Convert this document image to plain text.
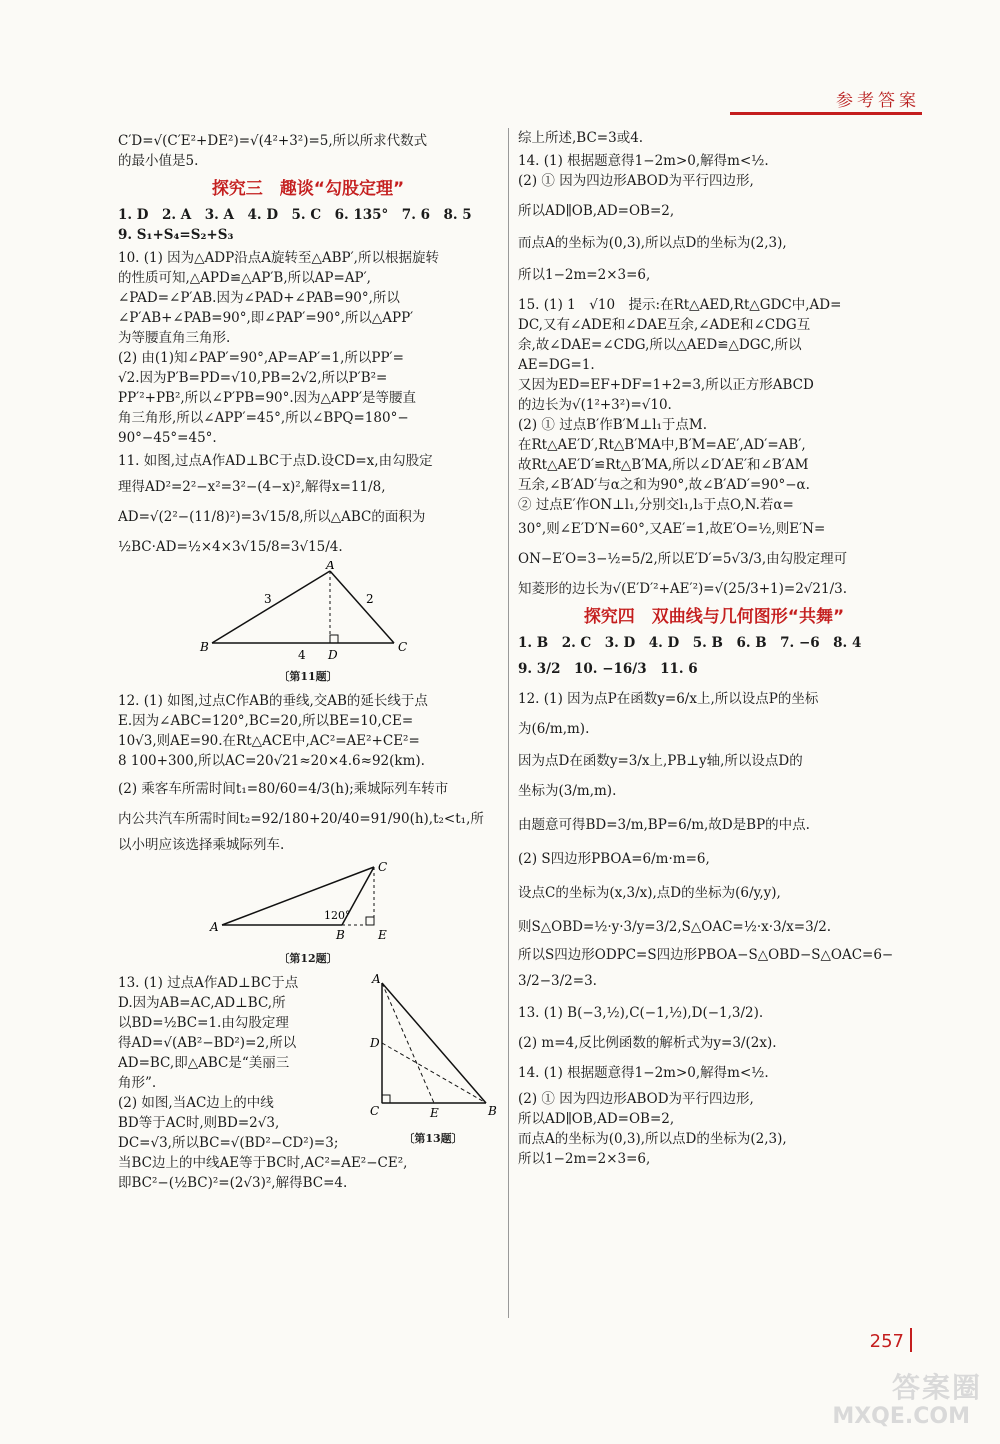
参考答案
C′D=√(C′E²+DE²)=√(4²+3²)=5,所以所求代数式
的最小值是5.
探究三　趣谈“勾股定理”
1. D　2. A　3. A　4. D　5. C　6. 135°　7. 6　8. 5
9. S₁+S₄=S₂+S₃
10. (1) 因为△ADP沿点A旋转至△ABP′,所以根据旋转
的性质可知,△APD≌△AP′B,所以AP=AP′,
∠PAD=∠P′AB.因为∠PAD+∠PAB=90°,所以
∠P′AB+∠PAB=90°,即∠PAP′=90°,所以△APP′
为等腰直角三角形.
(2) 由(1)知∠PAP′=90°,AP=AP′=1,所以PP′=
√2.因为P′B=PD=√10,PB=2√2,所以P′B²=
PP′²+PB²,所以∠P′PB=90°.因为△APP′是等腰直
角三角形,所以∠APP′=45°,所以∠BPQ=180°−
90°−45°=45°.
11. 如图,过点A作AD⊥BC于点D.设CD=x,由勾股定
理得AD²=2²−x²=3²−(4−x)²,解得x=11/8,
AD=√(2²−(11/8)²)=3√15/8,所以△ABC的面积为
½BC·AD=½×4×3√15/8=3√15/4.
A
B	C
D
3	2
4
〔第11题〕
12. (1) 如图,过点C作AB的垂线,交AB的延长线于点
E.因为∠ABC=120°,BC=20,所以BE=10,CE=
10√3,则AE=90.在Rt△ACE中,AC²=AE²+CE²=
8 100+300,所以AC=20√21≈20×4.6≈92(km).
(2) 乘客车所需时间t₁=80/60=4/3(h);乘城际列车转市
内公共汽车所需时间t₂=92/180+20/40=91/90(h),t₂<t₁,所
以小明应该选择乘城际列车.
A
B
C
E
120°
〔第12题〕
A
B
C
D
E
〔第13题〕
13. (1) 过点A作AD⊥BC于点
D.因为AB=AC,AD⊥BC,所
以BD=½BC=1.由勾股定理
得AD=√(AB²−BD²)=2,所以
AD=BC,即△ABC是“美丽三
角形”.
(2) 如图,当AC边上的中线
BD等于AC时,则BD=2√3,
DC=√3,所以BC=√(BD²−CD²)=3;
当BC边上的中线AE等于BC时,AC²=AE²−CE²,
即BC²−(½BC)²=(2√3)²,解得BC=4.
综上所述,BC=3或4.
14. (1) 根据题意得1−2m>0,解得m<½.
(2) ① 因为四边形ABOD为平行四边形,
所以AD∥OB,AD=OB=2,
而点A的坐标为(0,3),所以点D的坐标为(2,3),
所以1−2m=2×3=6,
15. (1) 1　√10　提示:在Rt△AED,Rt△GDC中,AD=
DC,又有∠ADE和∠DAE互余,∠ADE和∠CDG互
余,故∠DAE=∠CDG,所以△AED≌△DGC,所以
AE=DG=1.
又因为ED=EF+DF=1+2=3,所以正方形ABCD
的边长为√(1²+3²)=√10.
(2) ① 过点B′作B′M⊥l₁于点M.
在Rt△AE′D′,Rt△B′MA中,B′M=AE′,AD′=AB′,
故Rt△AE′D′≌Rt△B′MA,所以∠D′AE′和∠B′AM
互余,∠B′AD′与α之和为90°,故∠B′AD′=90°−α.
② 过点E′作ON⊥l₁,分别交l₁,l₃于点O,N.若α=
30°,则∠E′D′N=60°,又AE′=1,故E′O=½,则E′N=
ON−E′O=3−½=5/2,所以E′D′=5√3/3,由勾股定理可
知菱形的边长为√(E′D′²+AE′²)=√(25/3+1)=2√21/3.
探究四　双曲线与几何图形“共舞”
1. B　2. C　3. D　4. D　5. B　6. B　7. −6　8. 4
9. 3/2　10. −16/3　11. 6
12. (1) 因为点P在函数y=6/x上,所以设点P的坐标
为(6/m,m).
因为点D在函数y=3/x上,PB⊥y轴,所以设点D的
坐标为(3/m,m).
由题意可得BD=3/m,BP=6/m,故D是BP的中点.
(2) S四边形PBOA=6/m·m=6,
设点C的坐标为(x,3/x),点D的坐标为(6/y,y),
则S△OBD=½·y·3/y=3/2,S△OAC=½·x·3/x=3/2.
所以S四边形ODPC=S四边形PBOA−S△OBD−S△OAC=6−
3/2−3/2=3.
13. (1) B(−3,½),C(−1,½),D(−1,3/2).
(2) m=4,反比例函数的解析式为y=3/(2x).
14. (1) 根据题意得1−2m>0,解得m<½.
(2) ① 因为四边形ABOD为平行四边形,
所以AD∥OB,AD=OB=2,
而点A的坐标为(0,3),所以点D的坐标为(2,3),
所以1−2m=2×3=6,
257
答案圈
MXQE.COM
